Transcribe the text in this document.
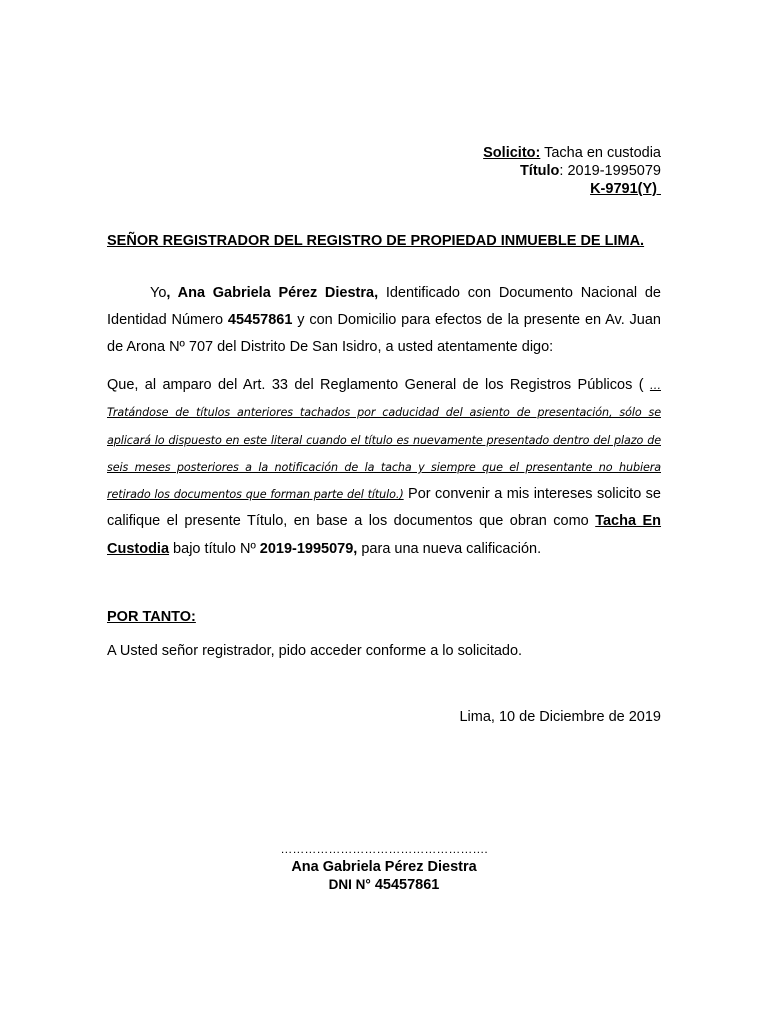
Solicito: Tacha en custodia
Título: 2019-1995079
K-9791(Y)
SEÑOR REGISTRADOR DEL REGISTRO DE PROPIEDAD INMUEBLE DE LIMA.
Yo, Ana Gabriela Pérez Diestra, Identificado con Documento Nacional de Identidad Número 45457861 y con Domicilio para efectos de la presente en Av. Juan de Arona Nº 707 del Distrito De San Isidro, a usted atentamente digo:
Que, al amparo del Art. 33 del Reglamento General de los Registros Públicos ( … Tratándose de títulos anteriores tachados por caducidad del asiento de presentación, sólo se aplicará lo dispuesto en este literal cuando el título es nuevamente presentado dentro del plazo de seis meses posteriores a la notificación de la tacha y siempre que el presentante no hubiera retirado los documentos que forman parte del título.) Por convenir a mis intereses solicito se califique el presente Título, en base a los documentos que obran como Tacha En Custodia bajo título Nº 2019-1995079, para una nueva calificación.
POR TANTO:
A Usted señor registrador, pido acceder conforme a lo solicitado.
Lima, 10 de Diciembre de 2019
…………………………………………….
Ana Gabriela Pérez Diestra
DNI N° 45457861
